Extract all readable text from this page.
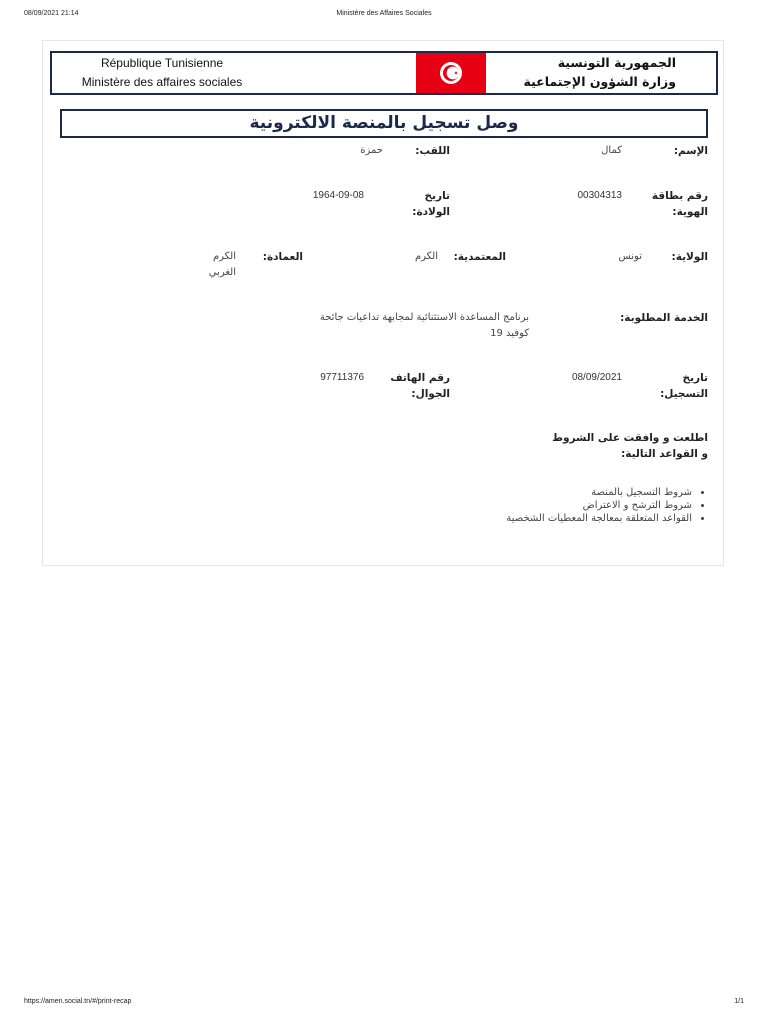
08/09/2021 21:14	Ministère des Affaires Sociales
République Tunisienne
Ministère des affaires sociales
الجمهورية التونسية
وزارة الشؤون الإجتماعية
وصل تسجيل بالمنصة الالكترونية
الإسم:
كمال
اللقب:
حمزة
رقم بطاقة
الهوية:
00304313
تاريخ
الولادة:
1964-09-08
الولاية:
تونس
المعتمدية:
الكرم
العمادة:
الكرم
الغربي
الخدمة المطلوبة:
برنامج المساعدة الاستثنائية لمجابهة تداعيات جائحة
كوفيد 19
تاريخ
التسجيل:
08/09/2021
رقم الهاتف
الجوال:
97711376
اطلعت و وافقت على الشروط
و القواعد التالية:
• شروط التسجيل بالمنصة
• شروط الترشح و الاعتراض
• القواعد المتعلقة بمعالجة المعطيات الشخصية
https://amen.social.tn/#/print-recap	1/1
